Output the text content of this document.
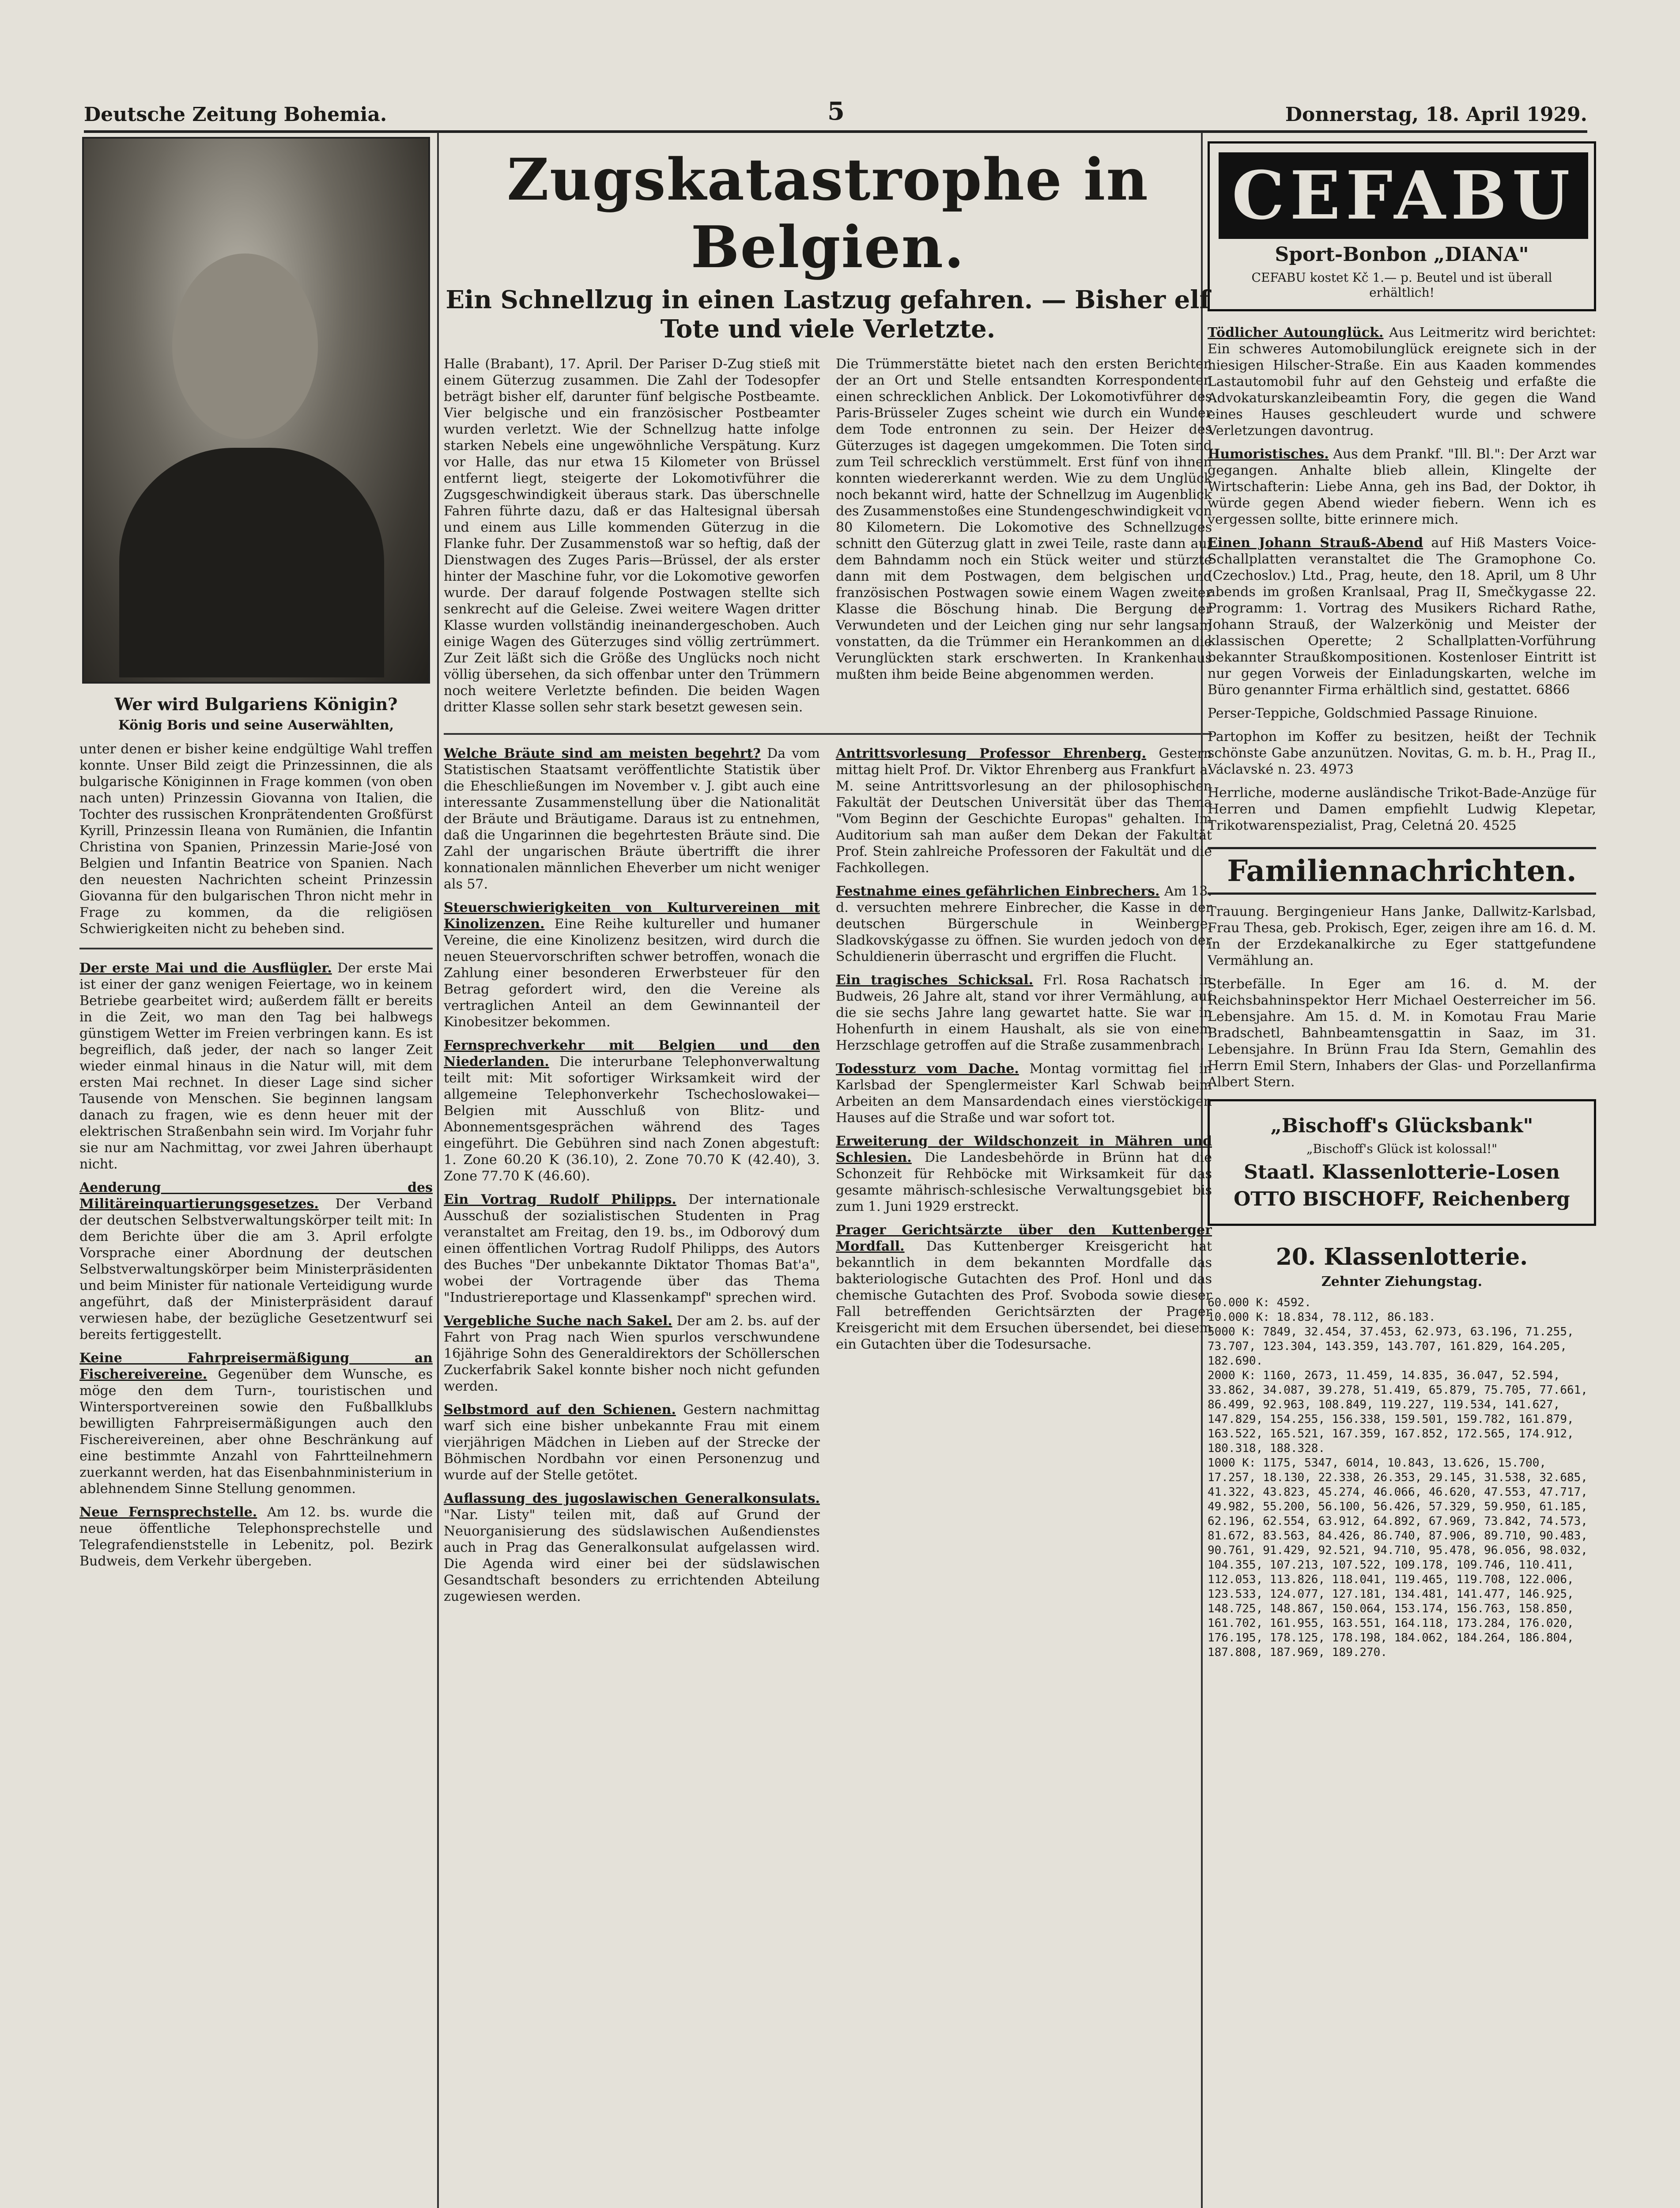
Deutsche Zeitung Bohemia.	5	Donnerstag, 18. April 1929.
Wer wird Bulgariens Königin?
König Boris und seine Auserwählten,

unter denen er bisher keine endgültige Wahl treffen konnte. Unser Bild zeigt die Prinzessinnen, die als bulgarische Königinnen in Frage kommen (von oben nach unten) Prinzessin Giovanna von Italien, die Tochter des russischen Kronprätendenten Großfürst Kyrill, Prinzessin Ileana von Rumänien, die Infantin Christina von Spanien, Prinzessin Marie-José von Belgien und Infantin Beatrice von Spanien. Nach den neuesten Nachrichten scheint Prinzessin Giovanna für den bulgarischen Thron nicht mehr in Frage zu kommen, da die religiösen Schwierigkeiten nicht zu beheben sind.

Der erste Mai und die Ausflügler. Der erste Mai ist einer der ganz wenigen Feiertage, wo in keinem Betriebe gearbeitet wird; außerdem fällt er bereits in die Zeit, wo man den Tag bei halbwegs günstigem Wetter im Freien verbringen kann. Es ist begreiflich, daß jeder, der nach so langer Zeit wieder einmal hinaus in die Natur will, mit dem ersten Mai rechnet. In dieser Lage sind sicher Tausende von Menschen. Sie beginnen langsam danach zu fragen, wie es denn heuer mit der elektrischen Straßenbahn sein wird. Im Vorjahr fuhr sie nur am Nachmittag, vor zwei Jahren überhaupt nicht.

Aenderung des Militäreinquartierungsgesetzes. Der Verband der deutschen Selbstverwaltungskörper teilt mit: In dem Berichte über die am 3. April erfolgte Vorsprache einer Abordnung der deutschen Selbstverwaltungskörper beim Ministerpräsidenten und beim Minister für nationale Verteidigung wurde angeführt, daß der Ministerpräsident darauf verwiesen habe, der bezügliche Gesetzentwurf sei bereits fertiggestellt.

Keine Fahrpreisermäßigung an Fischereivereine. Gegenüber dem Wunsche, es möge den dem Turn-, touristischen und Wintersportvereinen sowie den Fußballklubs bewilligten Fahrpreisermäßigungen auch den Fischereivereinen, aber ohne Beschränkung auf eine bestimmte Anzahl von Fahrtteilnehmern zuerkannt werden, hat das Eisenbahnministerium in ablehnendem Sinne Stellung genommen.

Neue Fernsprechstelle. Am 12. bs. wurde die neue öffentliche Telephonsprechstelle und Telegrafendienststelle in Lebenitz, pol. Bezirk Budweis, dem Verkehr übergeben.

Zugskatastrophe in Belgien.
Ein Schnellzug in einen Lastzug gefahren. — Bisher elf Tote und viele Verletzte.

Halle (Brabant), 17. April. Der Pariser D-Zug stieß mit einem Güterzug zusammen. Die Zahl der Todesopfer beträgt bisher elf, darunter fünf belgische Postbeamte. Vier belgische und ein französischer Postbeamter wurden verletzt. Wie der Schnellzug hatte infolge starken Nebels eine ungewöhnliche Verspätung. Kurz vor Halle, das nur etwa 15 Kilometer von Brüssel entfernt liegt, steigerte der Lokomotivführer die Zugsgeschwindigkeit überaus stark. Das überschnelle Fahren führte dazu, daß er das Haltesignal übersah und einem aus Lille kommenden Güterzug in die Flanke fuhr. Der Zusammenstoß war so heftig, daß der Dienstwagen des Zuges Paris—Brüssel, der als erster hinter der Maschine fuhr, vor die Lokomotive geworfen wurde. Der darauf folgende Postwagen stellte sich senkrecht auf die Geleise. Zwei weitere Wagen dritter Klasse wurden vollständig ineinandergeschoben. Auch einige Wagen des Güterzuges sind völlig zertrümmert. Zur Zeit läßt sich die Größe des Unglücks noch nicht völlig übersehen, da sich offenbar unter den Trümmern noch weitere Verletzte befinden. Die beiden Wagen dritter Klasse sollen sehr stark besetzt gewesen sein.

Die Trümmerstätte bietet nach den ersten Berichten der an Ort und Stelle entsandten Korrespondenten einen schrecklichen Anblick. Der Lokomotivführer des Paris-Brüsseler Zuges scheint wie durch ein Wunder dem Tode entronnen zu sein. Der Heizer des Güterzuges ist dagegen umgekommen. Die Toten sind zum Teil schrecklich verstümmelt. Erst fünf von ihnen konnten wiedererkannt werden. Wie zu dem Unglück noch bekannt wird, hatte der Schnellzug im Augenblick des Zusammenstoßes eine Stundengeschwindigkeit von 80 Kilometern. Die Lokomotive des Schnellzuges schnitt den Güterzug glatt in zwei Teile, raste dann auf dem Bahndamm noch ein Stück weiter und stürzte dann mit dem Postwagen, dem belgischen und französischen Postwagen sowie einem Wagen zweiter Klasse die Böschung hinab. Die Bergung der Verwundeten und der Leichen ging nur sehr langsam vonstatten, da die Trümmer ein Herankommen an die Verunglückten stark erschwerten. In Krankenhaus mußten ihm beide Beine abgenommen werden.

Welche Bräute sind am meisten begehrt? Da vom Statistischen Staatsamt veröffentlichte Statistik über die Eheschließungen im November v. J. gibt auch eine interessante Zusammenstellung über die Nationalität der Bräute und Bräutigame. Daraus ist zu entnehmen, daß die Ungarinnen die begehrtesten Bräute sind. Die Zahl der ungarischen Bräute übertrifft die ihrer konnationalen männlichen Eheverber um nicht weniger als 57.

Steuerschwierigkeiten von Kulturvereinen mit Kinolizenzen. Eine Reihe kultureller und humaner Vereine, die eine Kinolizenz besitzen, wird durch die neuen Steuervorschriften schwer betroffen, wonach die Zahlung einer besonderen Erwerbsteuer für den Betrag gefordert wird, den die Vereine als vertraglichen Anteil an dem Gewinnanteil der Kinobesitzer bekommen.

Fernsprechverkehr mit Belgien und den Niederlanden. Die interurbane Telephonverwaltung teilt mit: Mit sofortiger Wirksamkeit wird der allgemeine Telephonverkehr Tschechoslowakei—Belgien mit Ausschluß von Blitz- und Abonnementsgesprächen während des Tages eingeführt. Die Gebühren sind nach Zonen abgestuft: 1. Zone 60.20 K (36.10), 2. Zone 70.70 K (42.40), 3. Zone 77.70 K (46.60).

Ein Vortrag Rudolf Philipps. Der internationale Ausschuß der sozialistischen Studenten in Prag veranstaltet am Freitag, den 19. bs., im Odborový dum einen öffentlichen Vortrag Rudolf Philipps, des Autors des Buches "Der unbekannte Diktator Thomas Bat'a", wobei der Vortragende über das Thema "Industriereportage und Klassenkampf" sprechen wird.

Vergebliche Suche nach Sakel. Der am 2. bs. auf der Fahrt von Prag nach Wien spurlos verschwundene 16jährige Sohn des Generaldirektors der Schöllerschen Zuckerfabrik Sakel konnte bisher noch nicht gefunden werden.

Selbstmord auf den Schienen. Gestern nachmittag warf sich eine bisher unbekannte Frau mit einem vierjährigen Mädchen in Lieben auf der Strecke der Böhmischen Nordbahn vor einen Personenzug und wurde auf der Stelle getötet.

Auflassung des jugoslawischen Generalkonsulats. "Nar. Listy" teilen mit, daß auf Grund der Neuorganisierung des südslawischen Außendienstes auch in Prag das Generalkonsulat aufgelassen wird. Die Agenda wird einer bei der südslawischen Gesandtschaft besonders zu errichtenden Abteilung zugewiesen werden.

Antrittsvorlesung Professor Ehrenberg. Gestern mittag hielt Prof. Dr. Viktor Ehrenberg aus Frankfurt a. M. seine Antrittsvorlesung an der philosophischen Fakultät der Deutschen Universität über das Thema "Vom Beginn der Geschichte Europas" gehalten. Im Auditorium sah man außer dem Dekan der Fakultät Prof. Stein zahlreiche Professoren der Fakultät und die Fachkollegen.

Festnahme eines gefährlichen Einbrechers. Am 13. d. versuchten mehrere Einbrecher, die Kasse in der deutschen Bürgerschule in Weinberge, Sladkovskýgasse zu öffnen. Sie wurden jedoch von der Schuldienerin überrascht und ergriffen die Flucht.

Ein tragisches Schicksal. Frl. Rosa Rachatsch in Budweis, 26 Jahre alt, stand vor ihrer Vermählung, auf die sie sechs Jahre lang gewartet hatte. Sie war in Hohenfurth in einem Haushalt, als sie von einem Herzschlage getroffen auf die Straße zusammenbrach.

Todessturz vom Dache. Montag vormittag fiel in Karlsbad der Spenglermeister Karl Schwab beim Arbeiten an dem Mansardendach eines vierstöckigen Hauses auf die Straße und war sofort tot.

Erweiterung der Wildschonzeit in Mähren und Schlesien. Die Landesbehörde in Brünn hat die Schonzeit für Rehböcke mit Wirksamkeit für das gesamte mährisch-schlesische Verwaltungsgebiet bis zum 1. Juni 1929 erstreckt.

Prager Gerichtsärzte über den Kuttenberger Mordfall. Das Kuttenberger Kreisgericht hat bekanntlich in dem bekannten Mordfalle das bakteriologische Gutachten des Prof. Honl und das chemische Gutachten des Prof. Svoboda sowie dieser Fall betreffenden Gerichtsärzten der Prager Kreisgericht mit dem Ersuchen übersendet, bei diesem ein Gutachten über die Todesursache.

CEFABU
Sport-Bonbon „DIANA"
CEFABU kostet Kč 1.— p. Beutel und ist überall erhältlich!

Tödlicher Autounglück. Aus Leitmeritz wird berichtet: Ein schweres Automobilunglück ereignete sich in der hiesigen Hilscher-Straße. Ein aus Kaaden kommendes Lastautomobil fuhr auf den Gehsteig und erfaßte die Advokaturskanzleibeamtin Fory, die gegen die Wand eines Hauses geschleudert wurde und schwere Verletzungen davontrug.

Humoristisches. Aus dem Prankf. "Ill. Bl.": Der Arzt war gegangen. Anhalte blieb allein, Klingelte der Wirtschafterin: Liebe Anna, geh ins Bad, der Doktor, ih würde gegen Abend wieder fiebern. Wenn ich es vergessen sollte, bitte erinnere mich.

Einen Johann Strauß-Abend auf Hiß Masters Voice-Schallplatten veranstaltet die The Gramophone Co. (Czechoslov.) Ltd., Prag, heute, den 18. April, um 8 Uhr abends im großen Kranlsaal, Prag II, Smečkygasse 22. Programm: 1. Vortrag des Musikers Richard Rathe, Johann Strauß, der Walzerkönig und Meister der klassischen Operette; 2 Schallplatten-Vorführung bekannter Straußkompositionen. Kostenloser Eintritt ist nur gegen Vorweis der Einladungskarten, welche im Büro genannter Firma erhältlich sind, gestattet. 6866

Perser-Teppiche, Goldschmied Passage Rinuione.

Partophon im Koffer zu besitzen, heißt der Technik schönste Gabe anzunützen. Novitas, G. m. b. H., Prag II., Václavské n. 23. 4973

Herrliche, moderne ausländische Trikot-Bade-Anzüge für Herren und Damen empfiehlt Ludwig Klepetar, Trikotwarenspezialist, Prag, Celetná 20. 4525

Familiennachrichten.

Trauung. Bergingenieur Hans Janke, Dallwitz-Karlsbad, Frau Thesa, geb. Prokisch, Eger, zeigen ihre am 16. d. M. in der Erzdekanalkirche zu Eger stattgefundene Vermählung an.

Sterbefälle. In Eger am 16. d. M. der Reichsbahninspektor Herr Michael Oesterreicher im 56. Lebensjahre. Am 15. d. M. in Komotau Frau Marie Bradschetl, Bahnbeamtensgattin in Saaz, im 31. Lebensjahre. In Brünn Frau Ida Stern, Gemahlin des Herrn Emil Stern, Inhabers der Glas- und Porzellanfirma Albert Stern.

„Bischoff's Glücksbank"
„Bischoff's Glück ist kolossal!"
Staatl. Klassenlotterie-Losen
OTTO BISCHOFF, Reichenberg
20. Klassenlotterie.
Zehnter Ziehungstag.
60.000 K: 4592.
10.000 K: 18.834, 78.112, 86.183.
5000 K: 7849, 32.454, 37.453, 62.973, 63.196, 71.255, 73.707, 123.304, 143.359, 143.707, 161.829, 164.205, 182.690.
2000 K: 1160, 2673, 11.459, 14.835, 36.047, 52.594, 33.862, 34.087, 39.278, 51.419, 65.879, 75.705, 77.661, 86.499, 92.963, 108.849, 119.227, 119.534, 141.627, 147.829, 154.255, 156.338, 159.501, 159.782, 161.879, 163.522, 165.521, 167.359, 167.852, 172.565, 174.912, 180.318, 188.328.
1000 K: 1175, 5347, 6014, 10.843, 13.626, 15.700, 17.257, 18.130, 22.338, 26.353, 29.145, 31.538, 32.685, 41.322, 43.823, 45.274, 46.066, 46.620, 47.553, 47.717, 49.982, 55.200, 56.100, 56.426, 57.329, 59.950, 61.185, 62.196, 62.554, 63.912, 64.892, 67.969, 73.842, 74.573, 81.672, 83.563, 84.426, 86.740, 87.906, 89.710, 90.483, 90.761, 91.429, 92.521, 94.710, 95.478, 96.056, 98.032, 104.355, 107.213, 107.522, 109.178, 109.746, 110.411, 112.053, 113.826, 118.041, 119.465, 119.708, 122.006, 123.533, 124.077, 127.181, 134.481, 141.477, 146.925, 148.725, 148.867, 150.064, 153.174, 156.763, 158.850, 161.702, 161.955, 163.551, 164.118, 173.284, 176.020, 176.195, 178.125, 178.198, 184.062, 184.264, 186.804, 187.808, 187.969, 189.270.
